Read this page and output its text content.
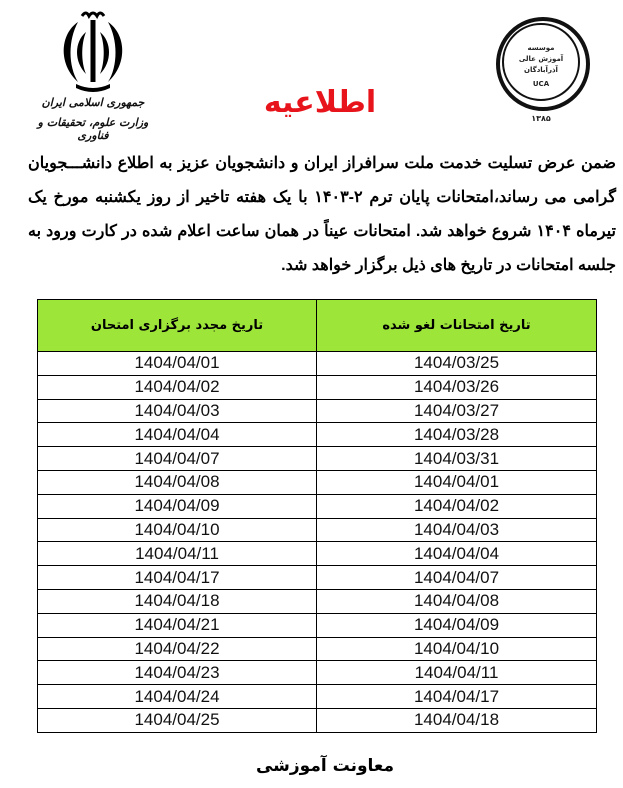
جمهوری اسلامی ایران
وزارت علوم، تحقیقات و فناوری
موسسه
آموزش عالی
آذرآبادگان
UCA
۱۳۸۵
اطلاعیه
ضمن عرض تسلیت خدمت ملت سرافراز ایران و دانشجویان عزیز به اطلاع دانشـــجویان گرامی می رساند،امتحانات پایان ترم ۲-۱۴۰۳ با یک هفته تاخیر از روز یکشنبه مورخ یک تیرماه ۱۴۰۴ شروع خواهد شد. امتحانات عیناً در همان ساعت اعلام شده در کارت ورود به جلسه امتحانات در تاریخ های ذیل برگزار خواهد شد.
تاریخ امتحانات لغو شده	تاریخ مجدد برگزاری امتحان
1404/03/25	1404/04/01
1404/03/26	1404/04/02
1404/03/27	1404/04/03
1404/03/28	1404/04/04
1404/03/31	1404/04/07
1404/04/01	1404/04/08
1404/04/02	1404/04/09
1404/04/03	1404/04/10
1404/04/04	1404/04/11
1404/04/07	1404/04/17
1404/04/08	1404/04/18
1404/04/09	1404/04/21
1404/04/10	1404/04/22
1404/04/11	1404/04/23
1404/04/17	1404/04/24
1404/04/18	1404/04/25
معاونت آموزشی
